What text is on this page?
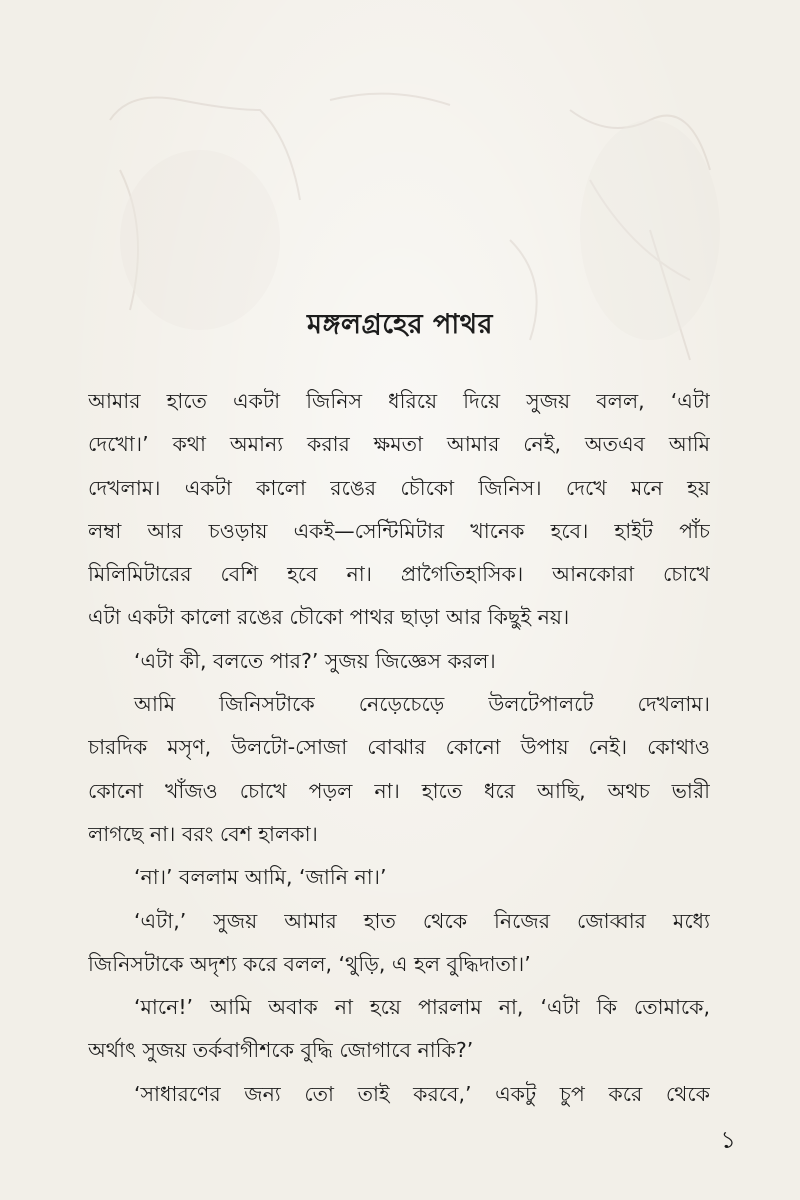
মঙ্গলগ্রহের পাথর
আমার হাতে একটা জিনিস ধরিয়ে দিয়ে সুজয় বলল, ‘এটা
দেখো।’ কথা অমান্য করার ক্ষমতা আমার নেই, অতএব আমি
দেখলাম। একটা কালো রঙের চৌকো জিনিস। দেখে মনে হয়
লম্বা আর চওড়ায় একই—সেন্টিমিটার খানেক হবে। হাইট পাঁচ
মিলিমিটারের বেশি হবে না। প্রাগৈতিহাসিক। আনকোরা চোখে
এটা একটা কালো রঙের চৌকো পাথর ছাড়া আর কিছুই নয়।
‘এটা কী, বলতে পার?’ সুজয় জিজ্ঞেস করল।
আমি জিনিসটাকে নেড়েচেড়ে উলটেপালটে দেখলাম।
চারদিক মসৃণ, উলটো-সোজা বোঝার কোনো উপায় নেই। কোথাও
কোনো খাঁজও চোখে পড়ল না। হাতে ধরে আছি, অথচ ভারী
লাগছে না। বরং বেশ হালকা।
‘না।’ বললাম আমি, ‘জানি না।’
‘এটা,’ সুজয় আমার হাত থেকে নিজের জোব্বার মধ্যে
জিনিসটাকে অদৃশ্য করে বলল, ‘থুড়ি, এ হল বুদ্ধিদাতা।’
‘মানে!’ আমি অবাক না হয়ে পারলাম না, ‘এটা কি তোমাকে,
অর্থাৎ সুজয় তর্কবাগীশকে বুদ্ধি জোগাবে নাকি?’
‘সাধারণের জন্য তো তাই করবে,’ একটু চুপ করে থেকে
১
